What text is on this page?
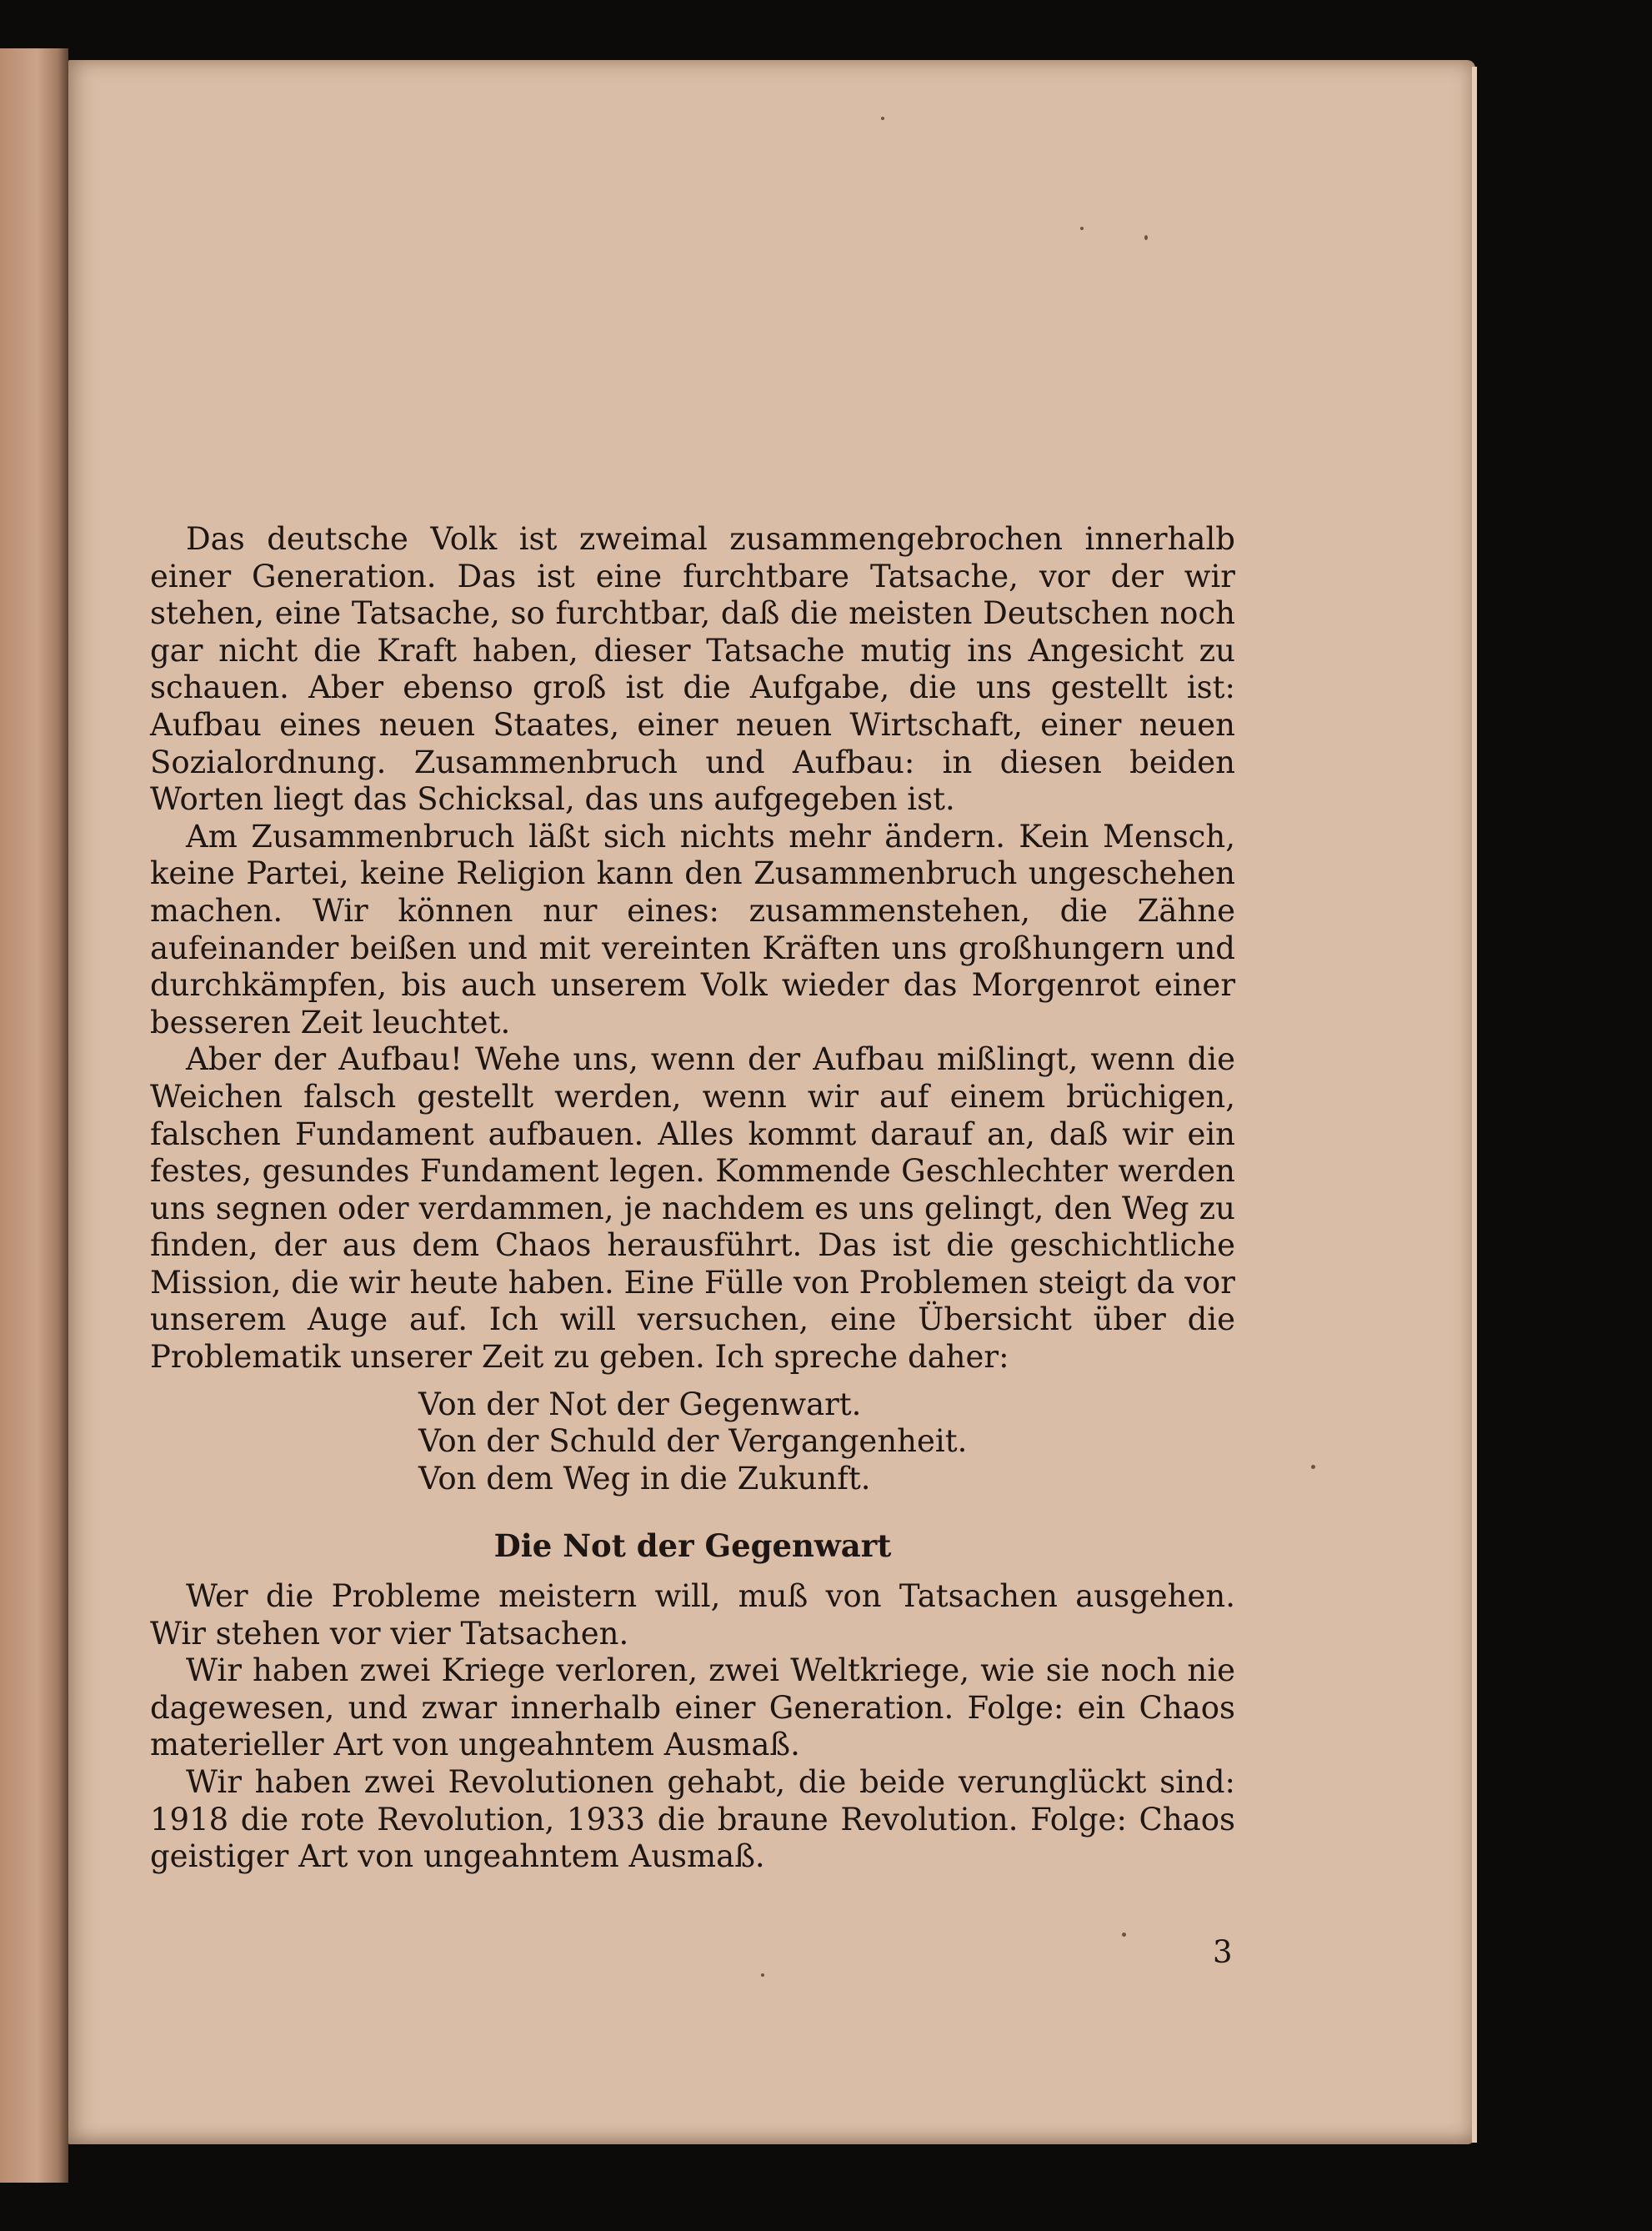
Das deutsche Volk ist zweimal zusammengebrochen innerhalb einer Generation. Das ist eine furchtbare Tatsache, vor der wir stehen, eine Tatsache, so furchtbar, daß die meisten Deutschen noch gar nicht die Kraft haben, dieser Tatsache mutig ins Angesicht zu schauen. Aber ebenso groß ist die Aufgabe, die uns gestellt ist: Aufbau eines neuen Staates, einer neuen Wirtschaft, einer neuen Sozialordnung. Zusammenbruch und Aufbau: in diesen beiden Worten liegt das Schicksal, das uns aufgegeben ist.

Am Zusammenbruch läßt sich nichts mehr ändern. Kein Mensch, keine Partei, keine Religion kann den Zusammenbruch ungeschehen machen. Wir können nur eines: zusammenstehen, die Zähne aufeinander beißen und mit vereinten Kräften uns großhungern und durchkämpfen, bis auch unserem Volk wieder das Morgenrot einer besseren Zeit leuchtet.

Aber der Aufbau! Wehe uns, wenn der Aufbau mißlingt, wenn die Weichen falsch gestellt werden, wenn wir auf einem brüchigen, falschen Fundament aufbauen. Alles kommt darauf an, daß wir ein festes, gesundes Fundament legen. Kommende Geschlechter werden uns segnen oder verdammen, je nachdem es uns gelingt, den Weg zu finden, der aus dem Chaos herausführt. Das ist die geschichtliche Mission, die wir heute haben. Eine Fülle von Problemen steigt da vor unserem Auge auf. Ich will versuchen, eine Übersicht über die Problematik unserer Zeit zu geben. Ich spreche daher:

Von der Not der Gegenwart.
Von der Schuld der Vergangenheit.
Von dem Weg in die Zukunft.
Die Not der Gegenwart

Wer die Probleme meistern will, muß von Tatsachen ausgehen. Wir stehen vor vier Tatsachen.

Wir haben zwei Kriege verloren, zwei Weltkriege, wie sie noch nie dagewesen, und zwar innerhalb einer Generation. Folge: ein Chaos materieller Art von ungeahntem Ausmaß.

Wir haben zwei Revolutionen gehabt, die beide verunglückt sind: 1918 die rote Revolution, 1933 die braune Revolution. Folge: Chaos geistiger Art von ungeahntem Ausmaß.

3
